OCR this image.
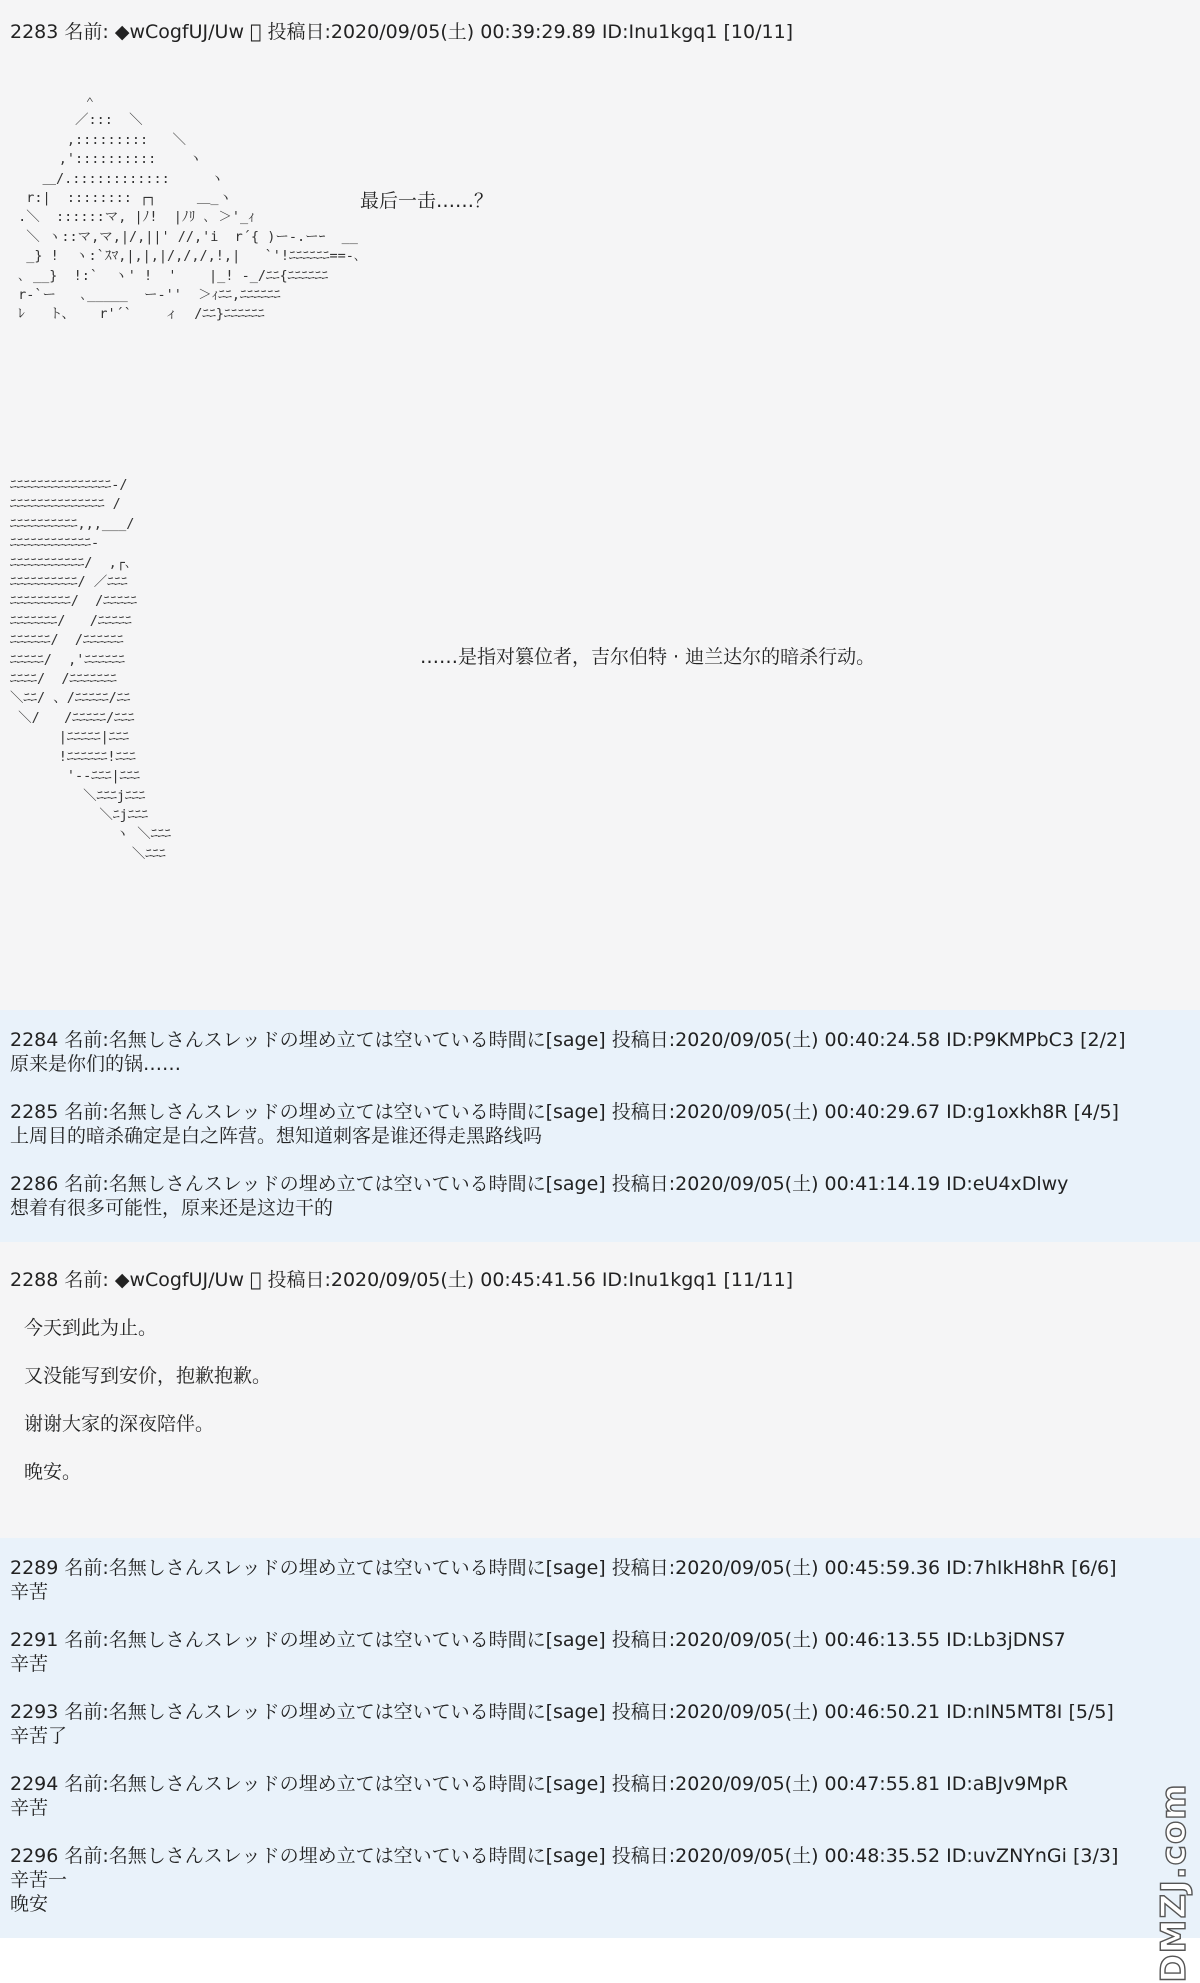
2283 名前: ◆wCogfUJ/Uw ￿ 投稿日:2020/09/05(土) 00:39:29.89 ID:Inu1kgq1 [10/11]
＾
／:::  ＼
,:::::::::   ＼
,'::::::::::    ヽ
＿/.::::::::::::     ヽ
r:|  :::::::: ┌┐     ＿_ヽ
.＼  ::::::マ, |ﾉ!  |ﾉﾘ ､ ＞'_ｨ
＼ ヽ::マ,マ,|/,||' //,'i  r´{ )ー-.ーｰ  __
_} !  ヽ:`ｽﾏ,|,|,|/,/,/,!,|   `'!ﾆﾆﾆﾆﾆﾆ==-､
､ __}  !:`  ヽ' !  '    |_! -_/ﾆﾆ{ﾆﾆﾆﾆﾆﾆ
r-`ー   ､_____  ー‐''  ＞ｨﾆﾆ,ﾆﾆﾆﾆﾆﾆ
ﾚ   ト、   r'´`    ィ  /ﾆﾆ}ﾆﾆﾆﾆﾆﾆ
最后一击……？
ﾆﾆﾆﾆﾆﾆﾆﾆﾆﾆﾆﾆﾆﾆﾆ-/
ﾆﾆﾆﾆﾆﾆﾆﾆﾆﾆﾆﾆﾆﾆ /
ﾆﾆﾆﾆﾆﾆﾆﾆﾆﾆ,,,___/
ﾆﾆﾆﾆﾆﾆﾆﾆﾆﾆﾆﾆ-
ﾆﾆﾆﾆﾆﾆﾆﾆﾆﾆﾆ/  ,┌､
ﾆﾆﾆﾆﾆﾆﾆﾆﾆﾆ/ ／ﾆﾆﾆ
ﾆﾆﾆﾆﾆﾆﾆﾆﾆ/  /ﾆﾆﾆﾆﾆ
ﾆﾆﾆﾆﾆﾆﾆ/   /ﾆﾆﾆﾆﾆ
ﾆﾆﾆﾆﾆﾆ/  /ﾆﾆﾆﾆﾆﾆ
ﾆﾆﾆﾆﾆ/  ,'ﾆﾆﾆﾆﾆﾆ
ﾆﾆﾆﾆ/  /ﾆﾆﾆﾆﾆﾆﾆ
＼ﾆﾆ/ 、/ﾆﾆﾆﾆﾆ/ﾆﾆ
＼/   /ﾆﾆﾆﾆﾆ/ﾆﾆﾆ
|ﾆﾆﾆﾆﾆ|ﾆﾆﾆ
!ﾆﾆﾆﾆﾆﾆ!ﾆﾆﾆ
'‐-ﾆﾆﾆ|ﾆﾆﾆ
＼ﾆﾆﾆjﾆﾆﾆ
＼ﾆjﾆﾆﾆ
ヽ ＼ﾆﾆﾆ
＼ﾆﾆﾆ
……是指对篡位者，吉尔伯特 · 迪兰达尔的暗杀行动。
2284 名前:名無しさんスレッドの埋め立ては空いている時間に[sage] 投稿日:2020/09/05(土) 00:40:24.58 ID:P9KMPbC3 [2/2]
原来是你们的锅……
2285 名前:名無しさんスレッドの埋め立ては空いている時間に[sage] 投稿日:2020/09/05(土) 00:40:29.67 ID:g1oxkh8R [4/5]
上周目的暗杀确定是白之阵营。想知道刺客是谁还得走黑路线吗
2286 名前:名無しさんスレッドの埋め立ては空いている時間に[sage] 投稿日:2020/09/05(土) 00:41:14.19 ID:eU4xDlwy
想着有很多可能性，原来还是这边干的
2288 名前: ◆wCogfUJ/Uw ￿ 投稿日:2020/09/05(土) 00:45:41.56 ID:Inu1kgq1 [11/11]
今天到此为止。
又没能写到安价，抱歉抱歉。
谢谢大家的深夜陪伴。
晚安。
2289 名前:名無しさんスレッドの埋め立ては空いている時間に[sage] 投稿日:2020/09/05(土) 00:45:59.36 ID:7hIkH8hR [6/6]
辛苦
2291 名前:名無しさんスレッドの埋め立ては空いている時間に[sage] 投稿日:2020/09/05(土) 00:46:13.55 ID:Lb3jDNS7
辛苦
2293 名前:名無しさんスレッドの埋め立ては空いている時間に[sage] 投稿日:2020/09/05(土) 00:46:50.21 ID:nIN5MT8I [5/5]
辛苦了
2294 名前:名無しさんスレッドの埋め立ては空いている時間に[sage] 投稿日:2020/09/05(土) 00:47:55.81 ID:aBJv9MpR
辛苦
2296 名前:名無しさんスレッドの埋め立ては空いている時間に[sage] 投稿日:2020/09/05(土) 00:48:35.52 ID:uvZNYnGi [3/3]
辛苦一
晚安	DMZJ.com
